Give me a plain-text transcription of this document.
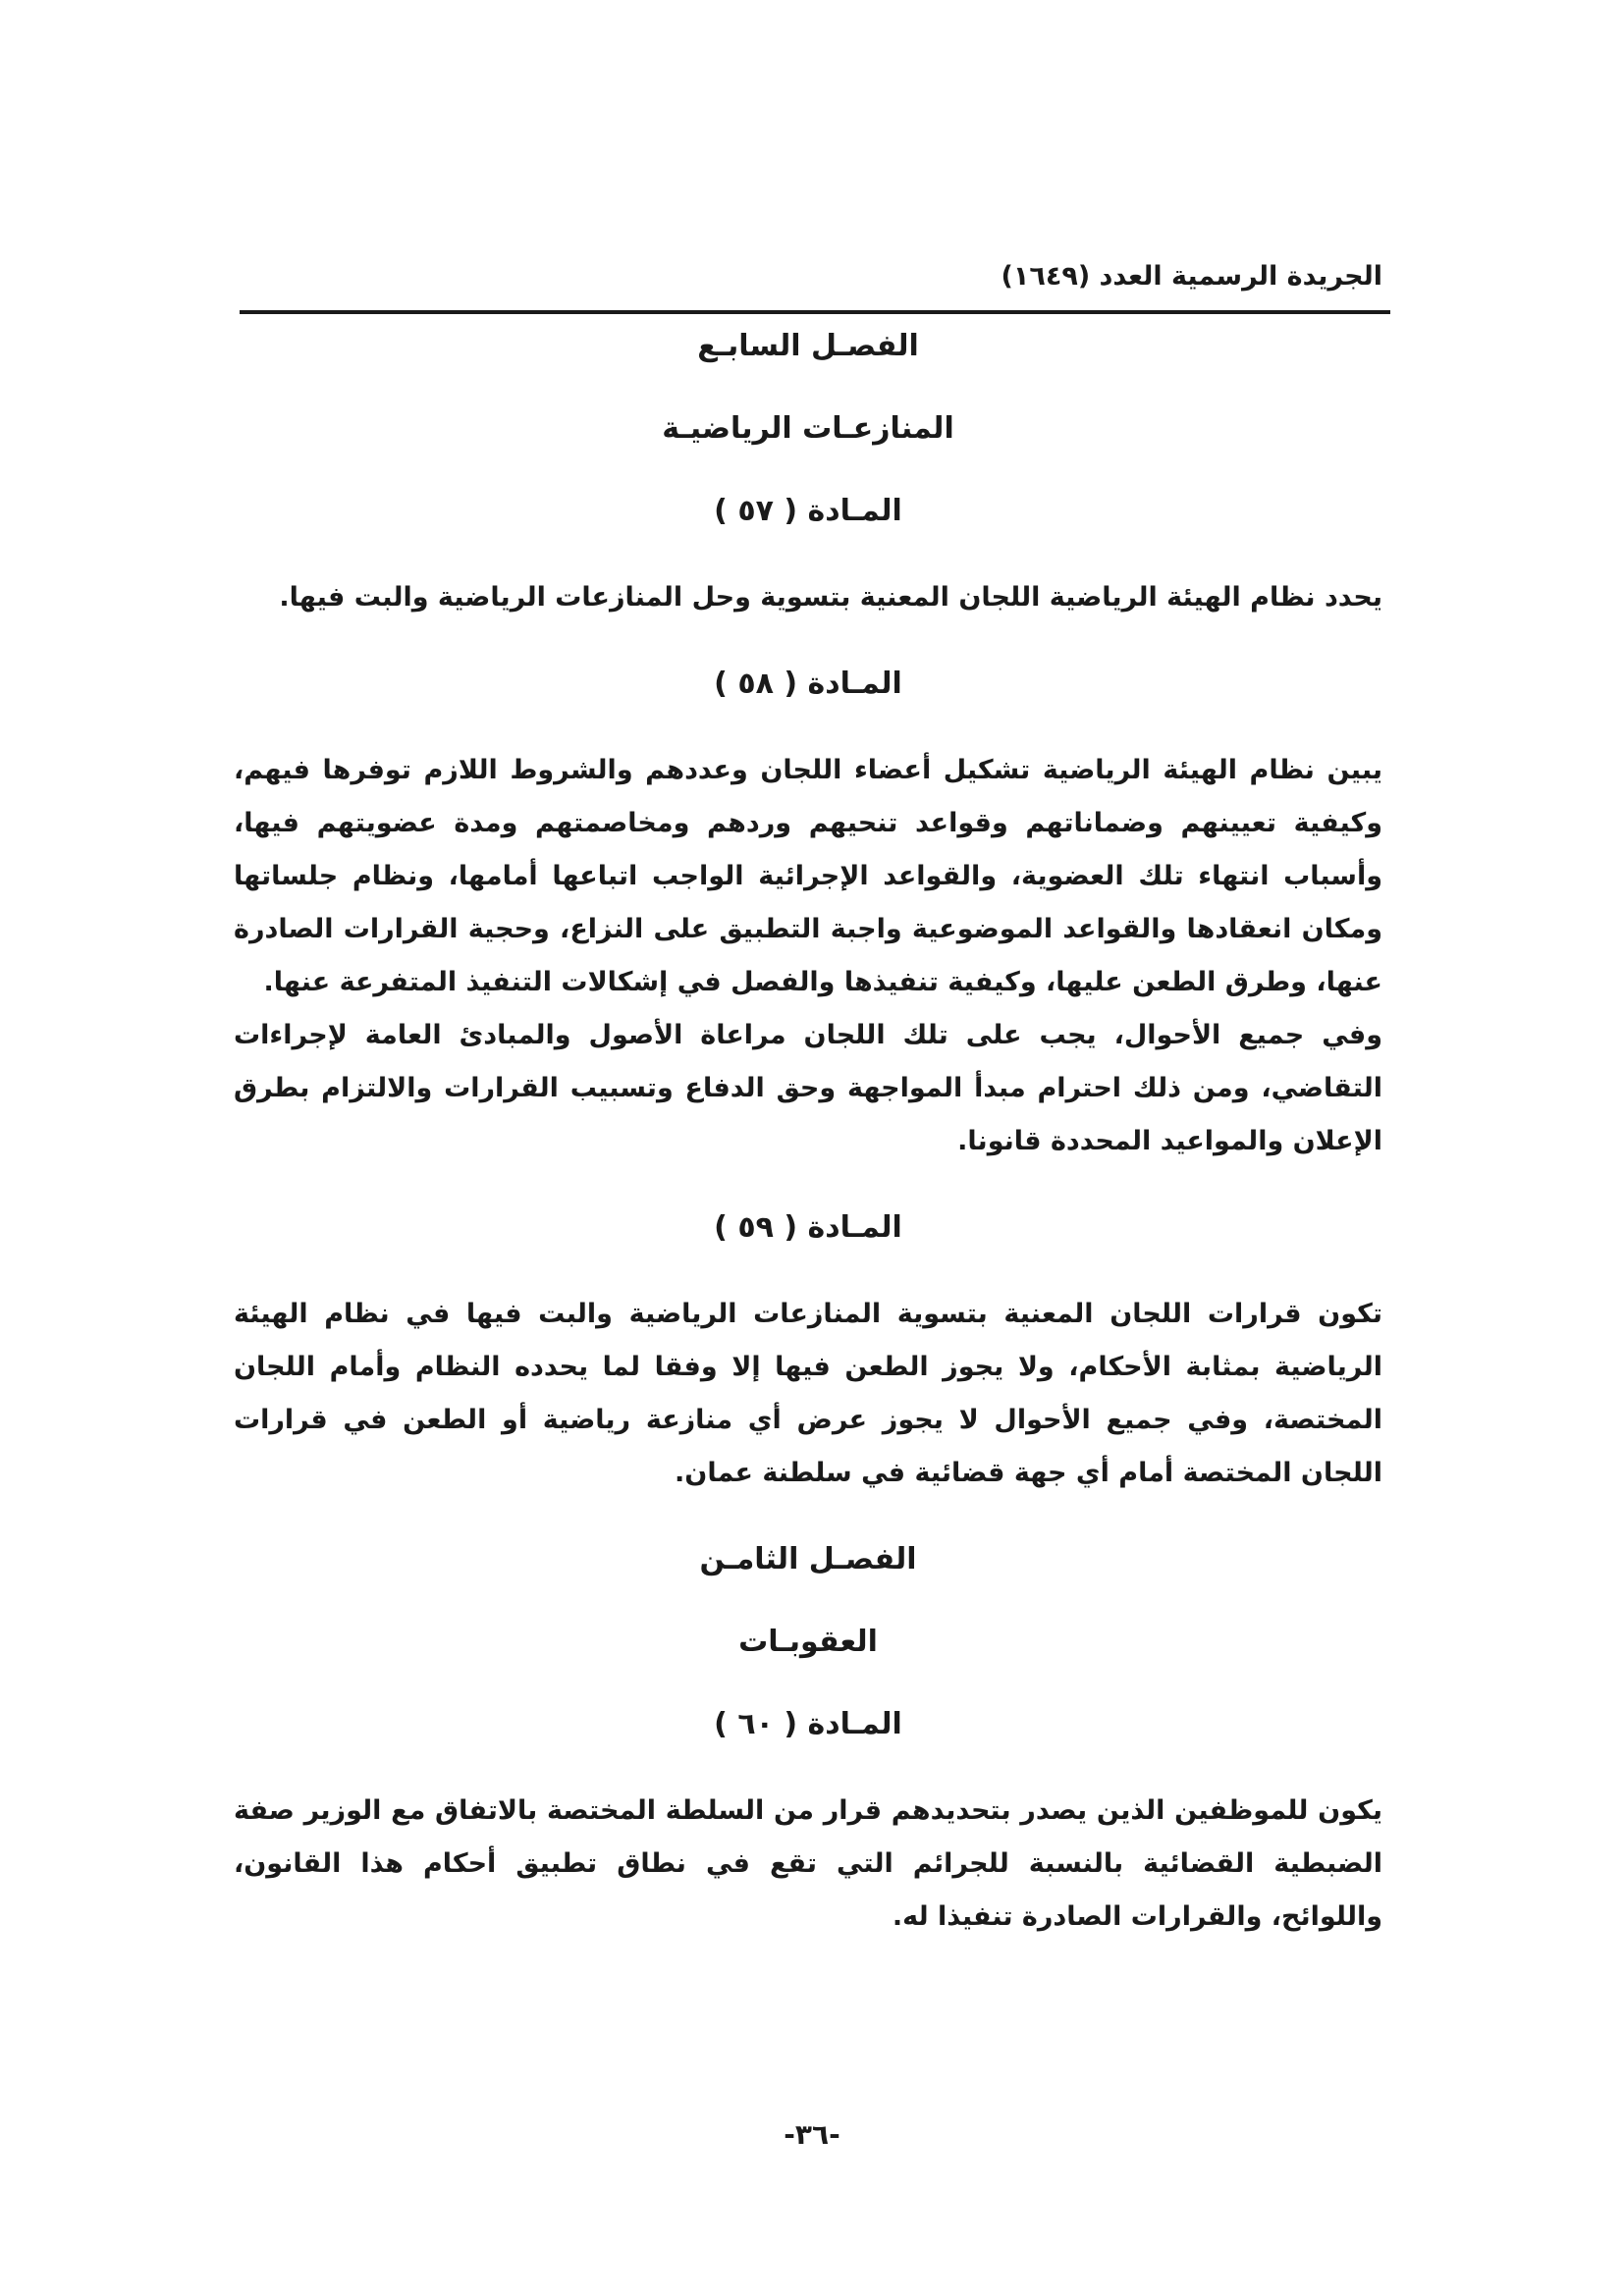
الجريدة الرسمية العدد (١٦٤٩)
الفصـل السابـع
المنازعـات الرياضيـة
المـادة ( ٥٧ )

يحدد نظام الهيئة الرياضية اللجان المعنية بتسوية وحل المنازعات الرياضية والبت فيها.

المـادة ( ٥٨ )

يبين نظام الهيئة الرياضية تشكيل أعضاء اللجان وعددهم والشروط اللازم توفرها فيهم، وكيفية تعيينهم وضماناتهم وقواعد تنحيهم وردهم ومخاصمتهم ومدة عضويتهم فيها، وأسباب انتهاء تلك العضوية، والقواعد الإجرائية الواجب اتباعها أمامها، ونظام جلساتها ومكان انعقادها والقواعد الموضوعية واجبة التطبيق على النزاع، وحجية القرارات الصادرة عنها، وطرق الطعن عليها، وكيفية تنفيذها والفصل في إشكالات التنفيذ المتفرعة عنها.

وفي جميع الأحوال، يجب على تلك اللجان مراعاة الأصول والمبادئ العامة لإجراءات التقاضي، ومن ذلك احترام مبدأ المواجهة وحق الدفاع وتسبيب القرارات والالتزام بطرق الإعلان والمواعيد المحددة قانونا.

المـادة ( ٥٩ )

تكون قرارات اللجان المعنية بتسوية المنازعات الرياضية والبت فيها في نظام الهيئة الرياضية بمثابة الأحكام، ولا يجوز الطعن فيها إلا وفقا لما يحدده النظام وأمام اللجان المختصة، وفي جميع الأحوال لا يجوز عرض أي منازعة رياضية أو الطعن في قرارات اللجان المختصة أمام أي جهة قضائية في سلطنة عمان.

الفصـل الثامـن
العقوبـات
المـادة ( ٦٠ )

يكون للموظفين الذين يصدر بتحديدهم قرار من السلطة المختصة بالاتفاق مع الوزير صفة الضبطية القضائية بالنسبة للجرائم التي تقع في نطاق تطبيق أحكام هذا القانون، واللوائح، والقرارات الصادرة تنفيذا له.

-٣٦-
